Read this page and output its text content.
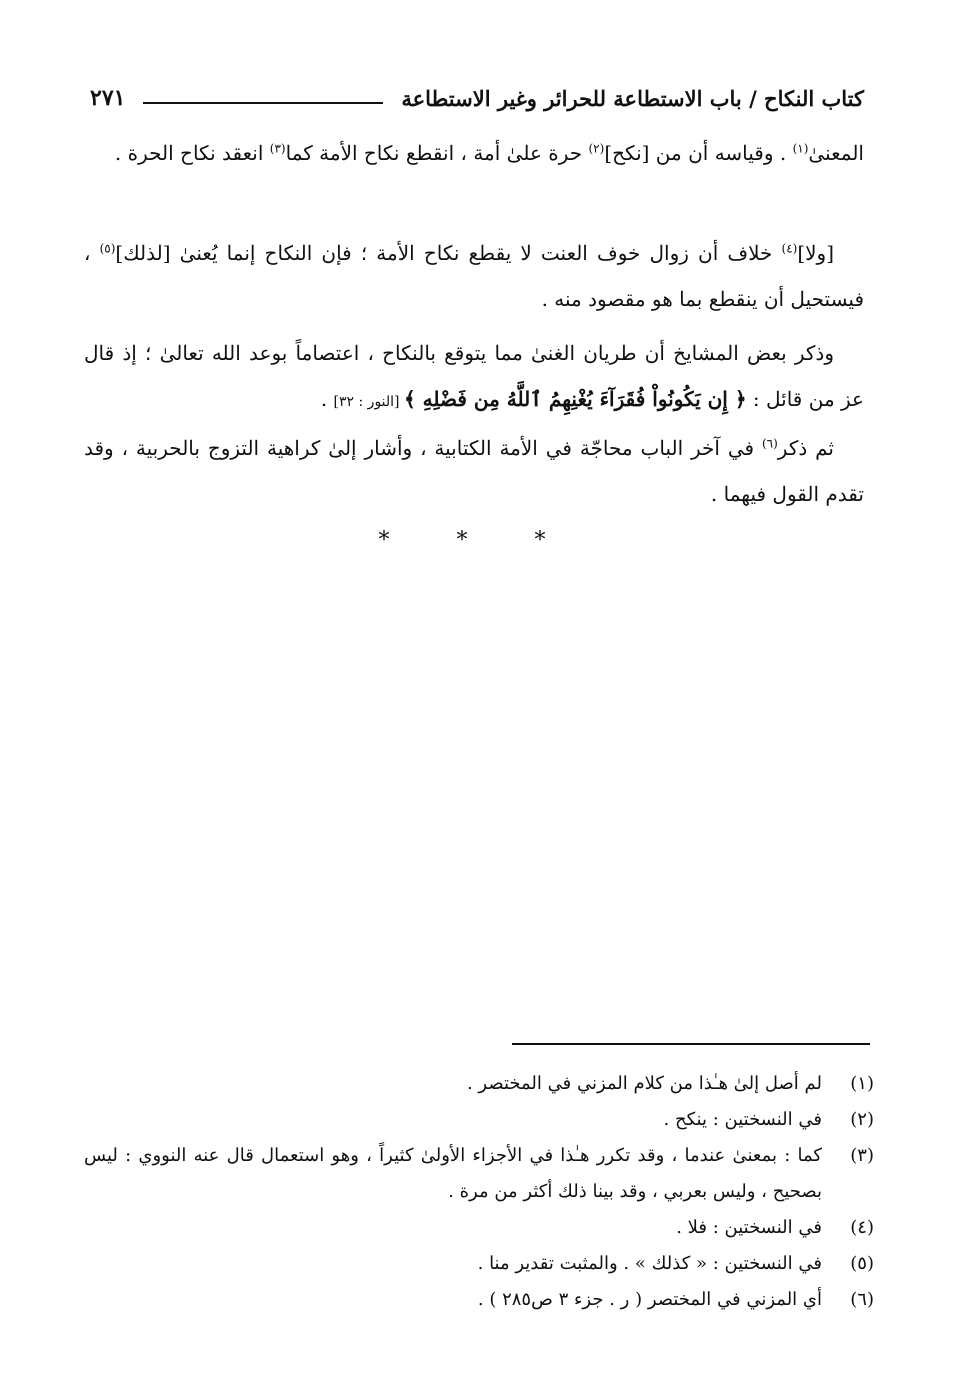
كتاب النكاح / باب الاستطاعة للحرائر وغير الاستطاعة
٢٧١

المعنىٰ$^{(١)}$ . وقياسه أن من [نكح]$^{(٢)}$ حرة علىٰ أمة ، انقطع نكاح الأمة كما$^{(٣)}$ انعقد نكاح الحرة .

[ولا]$^{(٤)}$ خلاف أن زوال خوف العنت لا يقطع نكاح الأمة ؛ فإن النكاح إنما يُعنىٰ [لذلك]$^{(٥)}$ ، فيستحيل أن ينقطع بما هو مقصود منه .

وذكر بعض المشايخ أن طريان الغنىٰ مما يتوقع بالنكاح ، اعتصاماً بوعد الله تعالىٰ ؛ إذ قال عز من قائل : ﴿ إِن يَكُونُواْ فُقَرَآءَ يُغْنِهِمُ ٱللَّهُ مِن فَضْلِهِ ﴾ [النور : ٣٢] .

ثم ذكر$^{(٦)}$ في آخر الباب محاجّة في الأمة الكتابية ، وأشار إلىٰ كراهية التزوج بالحربية ، وقد تقدم القول فيهما .

* * *
(١)
لم أصل إلىٰ هـٰذا من كلام المزني في المختصر .
(٢)
في النسختين : ينكح .
(٣)
كما : بمعنىٰ عندما ، وقد تكرر هـٰذا في الأجزاء الأولىٰ كثيراً ، وهو استعمال قال عنه النووي : ليس بصحيح ، وليس بعربي ، وقد بينا ذلك أكثر من مرة .
(٤)
في النسختين : فلا .
(٥)
في النسختين : « كذلك » . والمثبت تقدير منا .
(٦)
أي المزني في المختصر ( ر . جزء ٣ ص٢٨٥ ) .
